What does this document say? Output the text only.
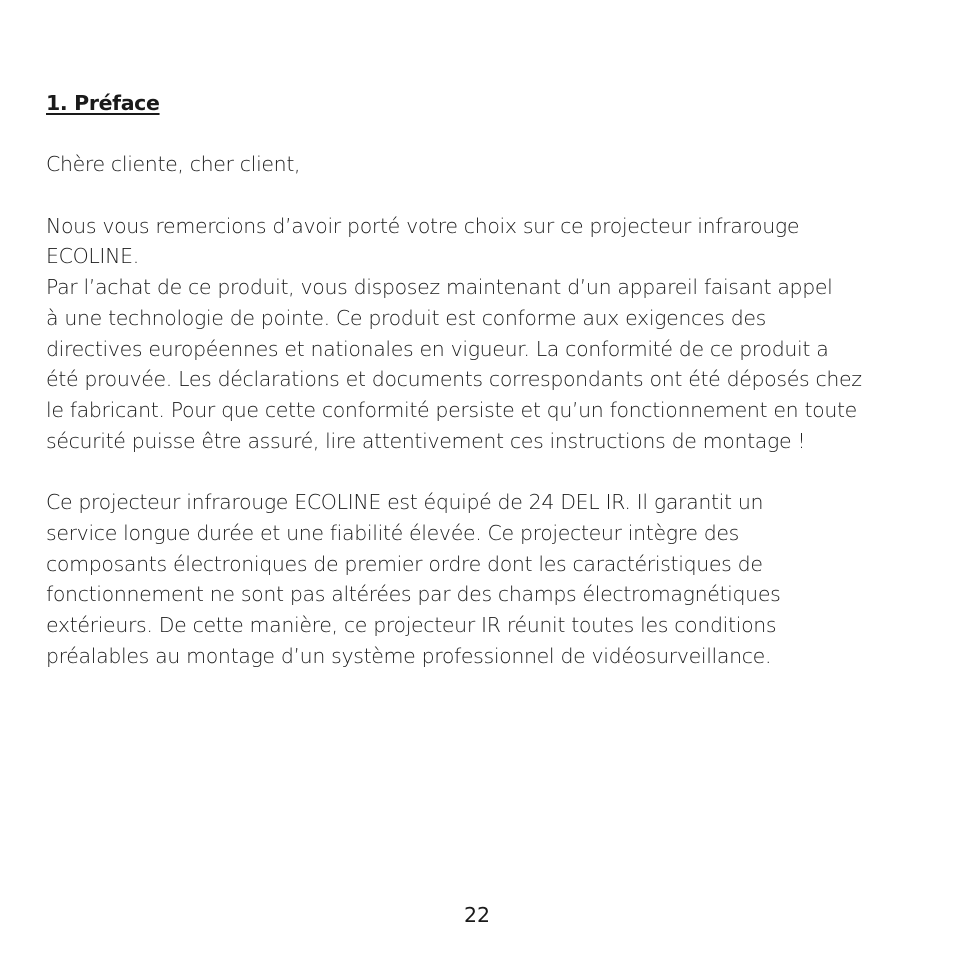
1. Préface
Chère cliente, cher client,
Nous vous remercions d’avoir porté votre choix sur ce projecteur infrarouge
ECOLINE.
Par l’achat de ce produit, vous disposez maintenant d’un appareil faisant appel
à une technologie de pointe. Ce produit est conforme aux exigences des
directives européennes et nationales en vigueur. La conformité de ce produit a
été prouvée. Les déclarations et documents correspondants ont été déposés chez
le fabricant. Pour que cette conformité persiste et qu’un fonctionnement en toute
sécurité puisse être assuré, lire attentivement ces instructions de montage !
Ce projecteur infrarouge ECOLINE est équipé de 24 DEL IR. Il garantit un
service longue durée et une fiabilité élevée. Ce projecteur intègre des
composants électroniques de premier ordre dont les caractéristiques de
fonctionnement ne sont pas altérées par des champs électromagnétiques
extérieurs. De cette manière, ce projecteur IR réunit toutes les conditions
préalables au montage d’un système professionnel de vidéosurveillance.
22
